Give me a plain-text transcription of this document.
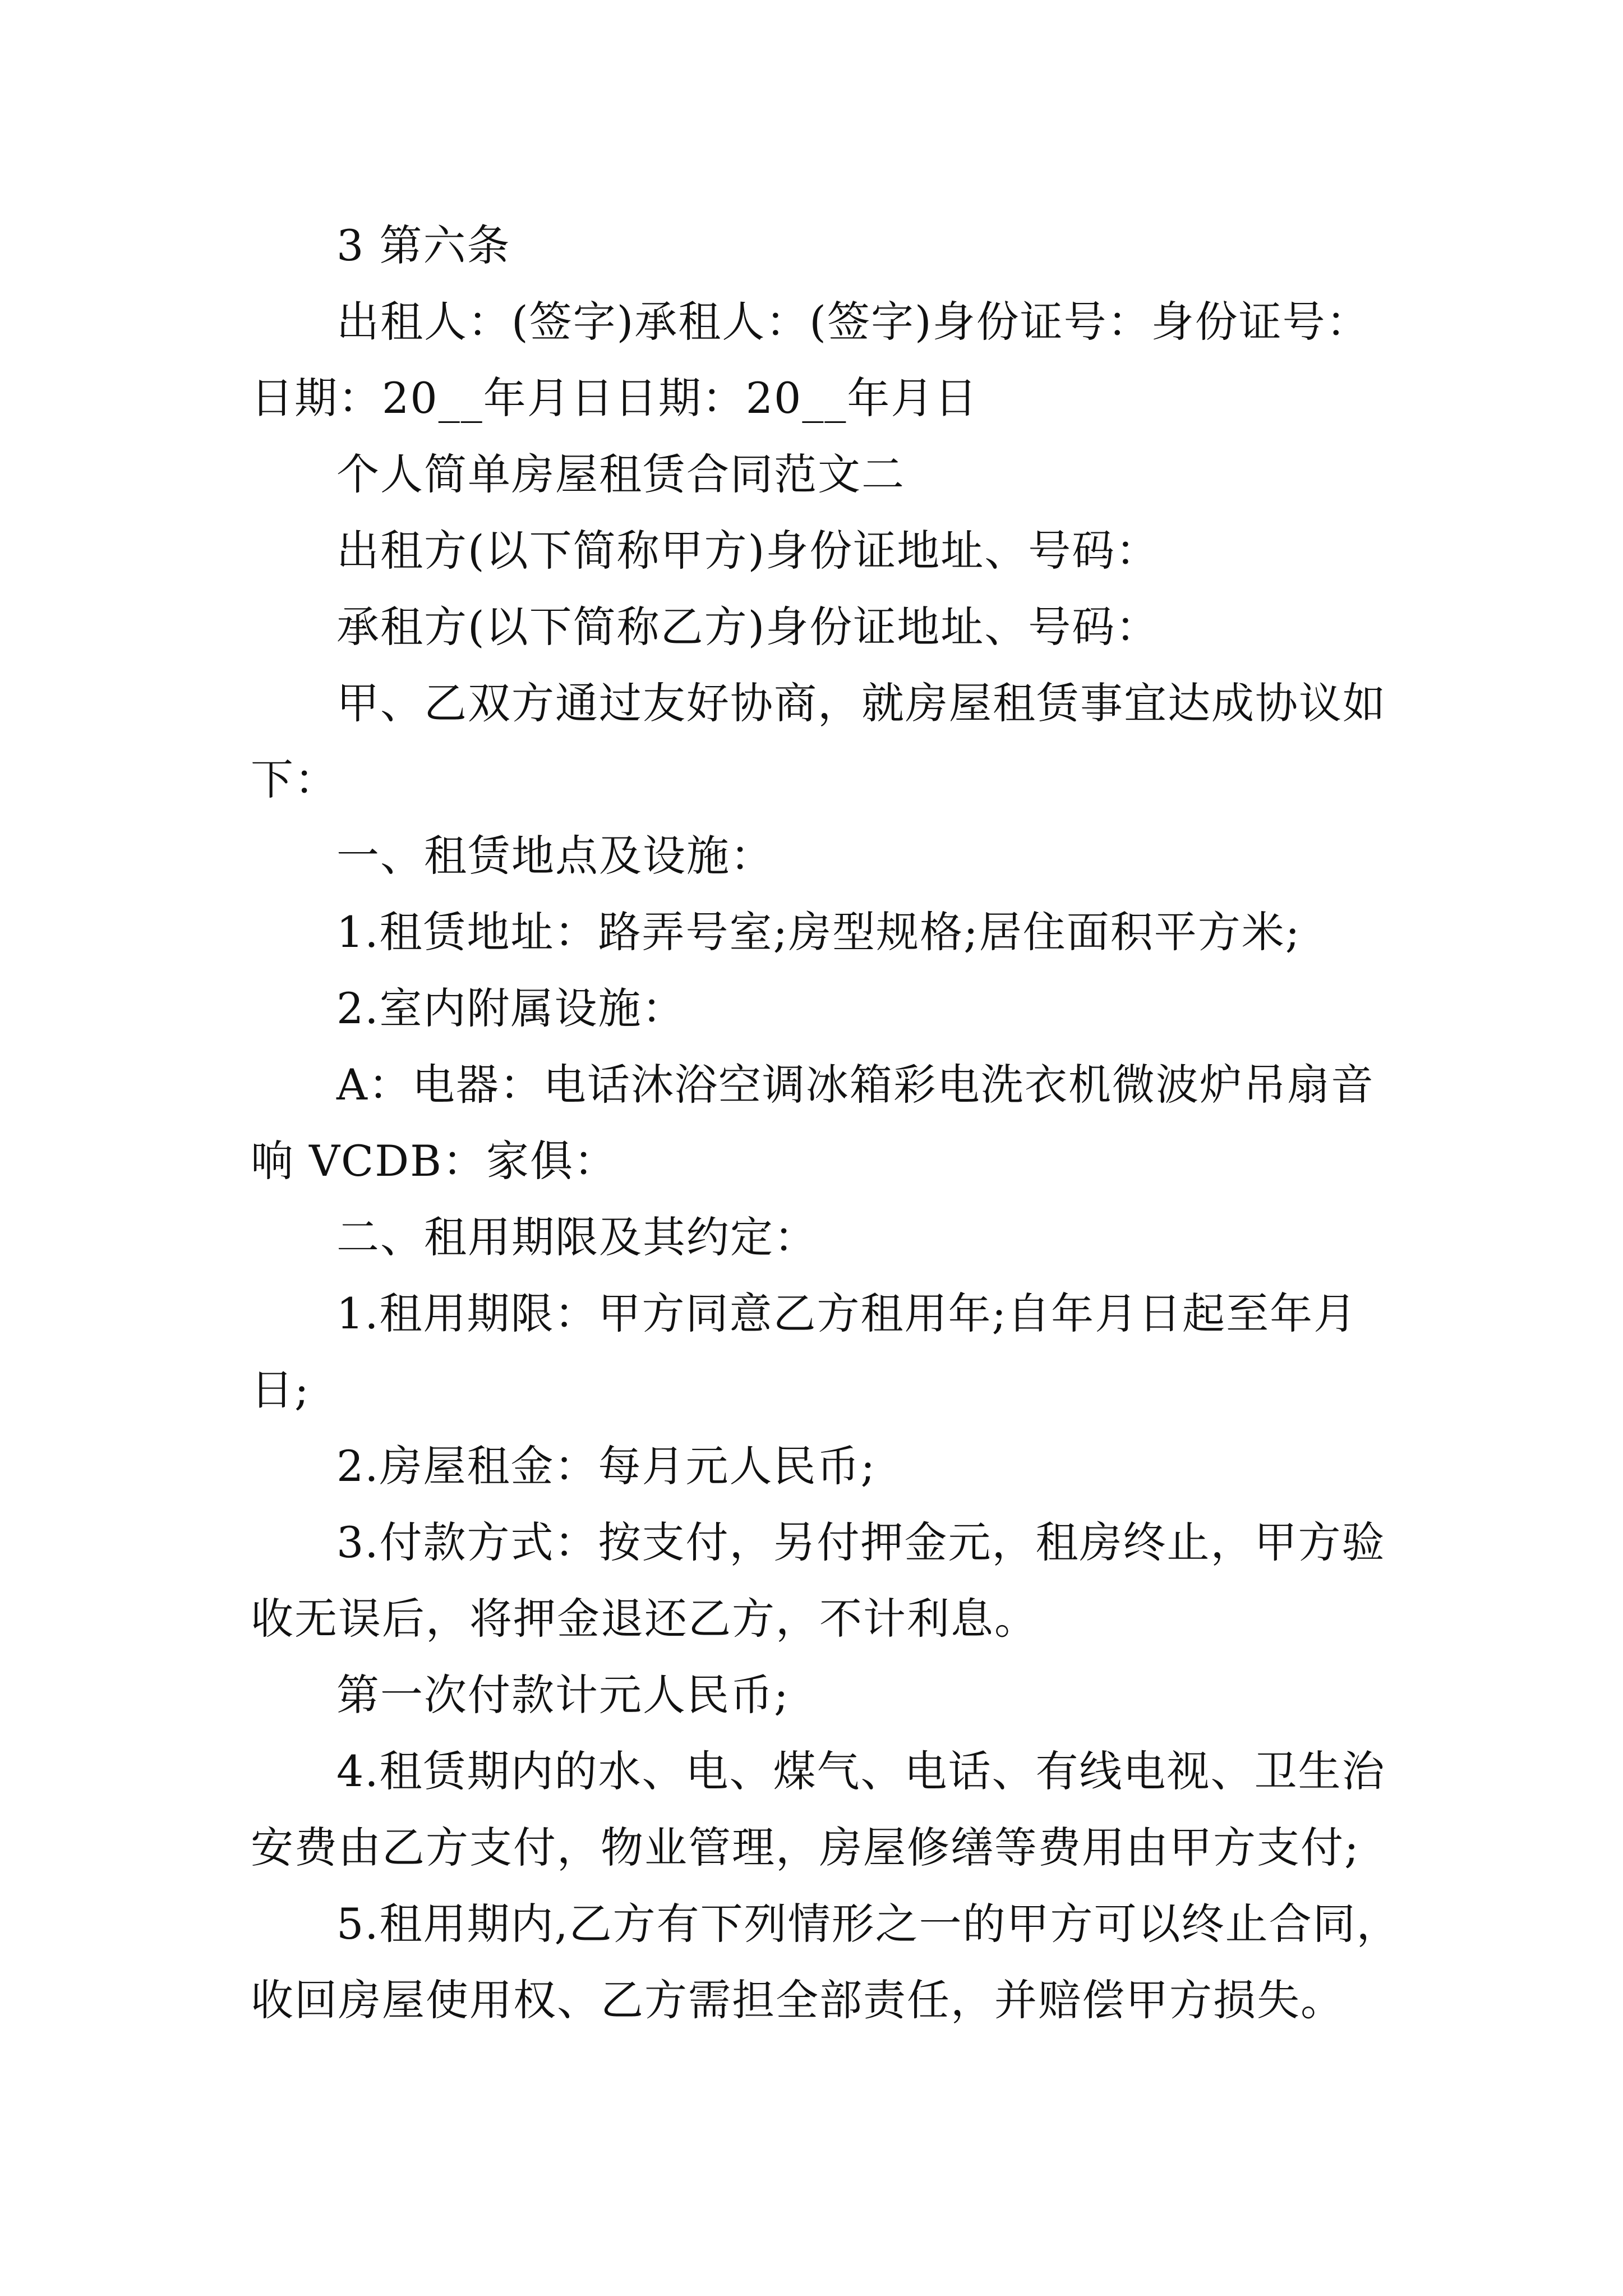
3 第六条
出租人：(签字)承租人：(签字)身份证号：身份证号：
日期：20__年月日日期：20__年月日
个人简单房屋租赁合同范文二
出租方(以下简称甲方)身份证地址、号码：
承租方(以下简称乙方)身份证地址、号码：
甲、乙双方通过友好协商，就房屋租赁事宜达成协议如
下：
一、租赁地点及设施：
1.租赁地址：路弄号室;房型规格;居住面积平方米;
2.室内附属设施：
A：电器：电话沐浴空调冰箱彩电洗衣机微波炉吊扇音
响 VCDB：家俱：
二、租用期限及其约定：
1.租用期限：甲方同意乙方租用年;自年月日起至年月
日;
2.房屋租金：每月元人民币;
3.付款方式：按支付，另付押金元，租房终止，甲方验
收无误后，将押金退还乙方，不计利息。
第一次付款计元人民币;
4.租赁期内的水、电、煤气、电话、有线电视、卫生治
安费由乙方支付，物业管理，房屋修缮等费用由甲方支付;
5.租用期内,乙方有下列情形之一的甲方可以终止合同，
收回房屋使用权、乙方需担全部责任，并赔偿甲方损失。
